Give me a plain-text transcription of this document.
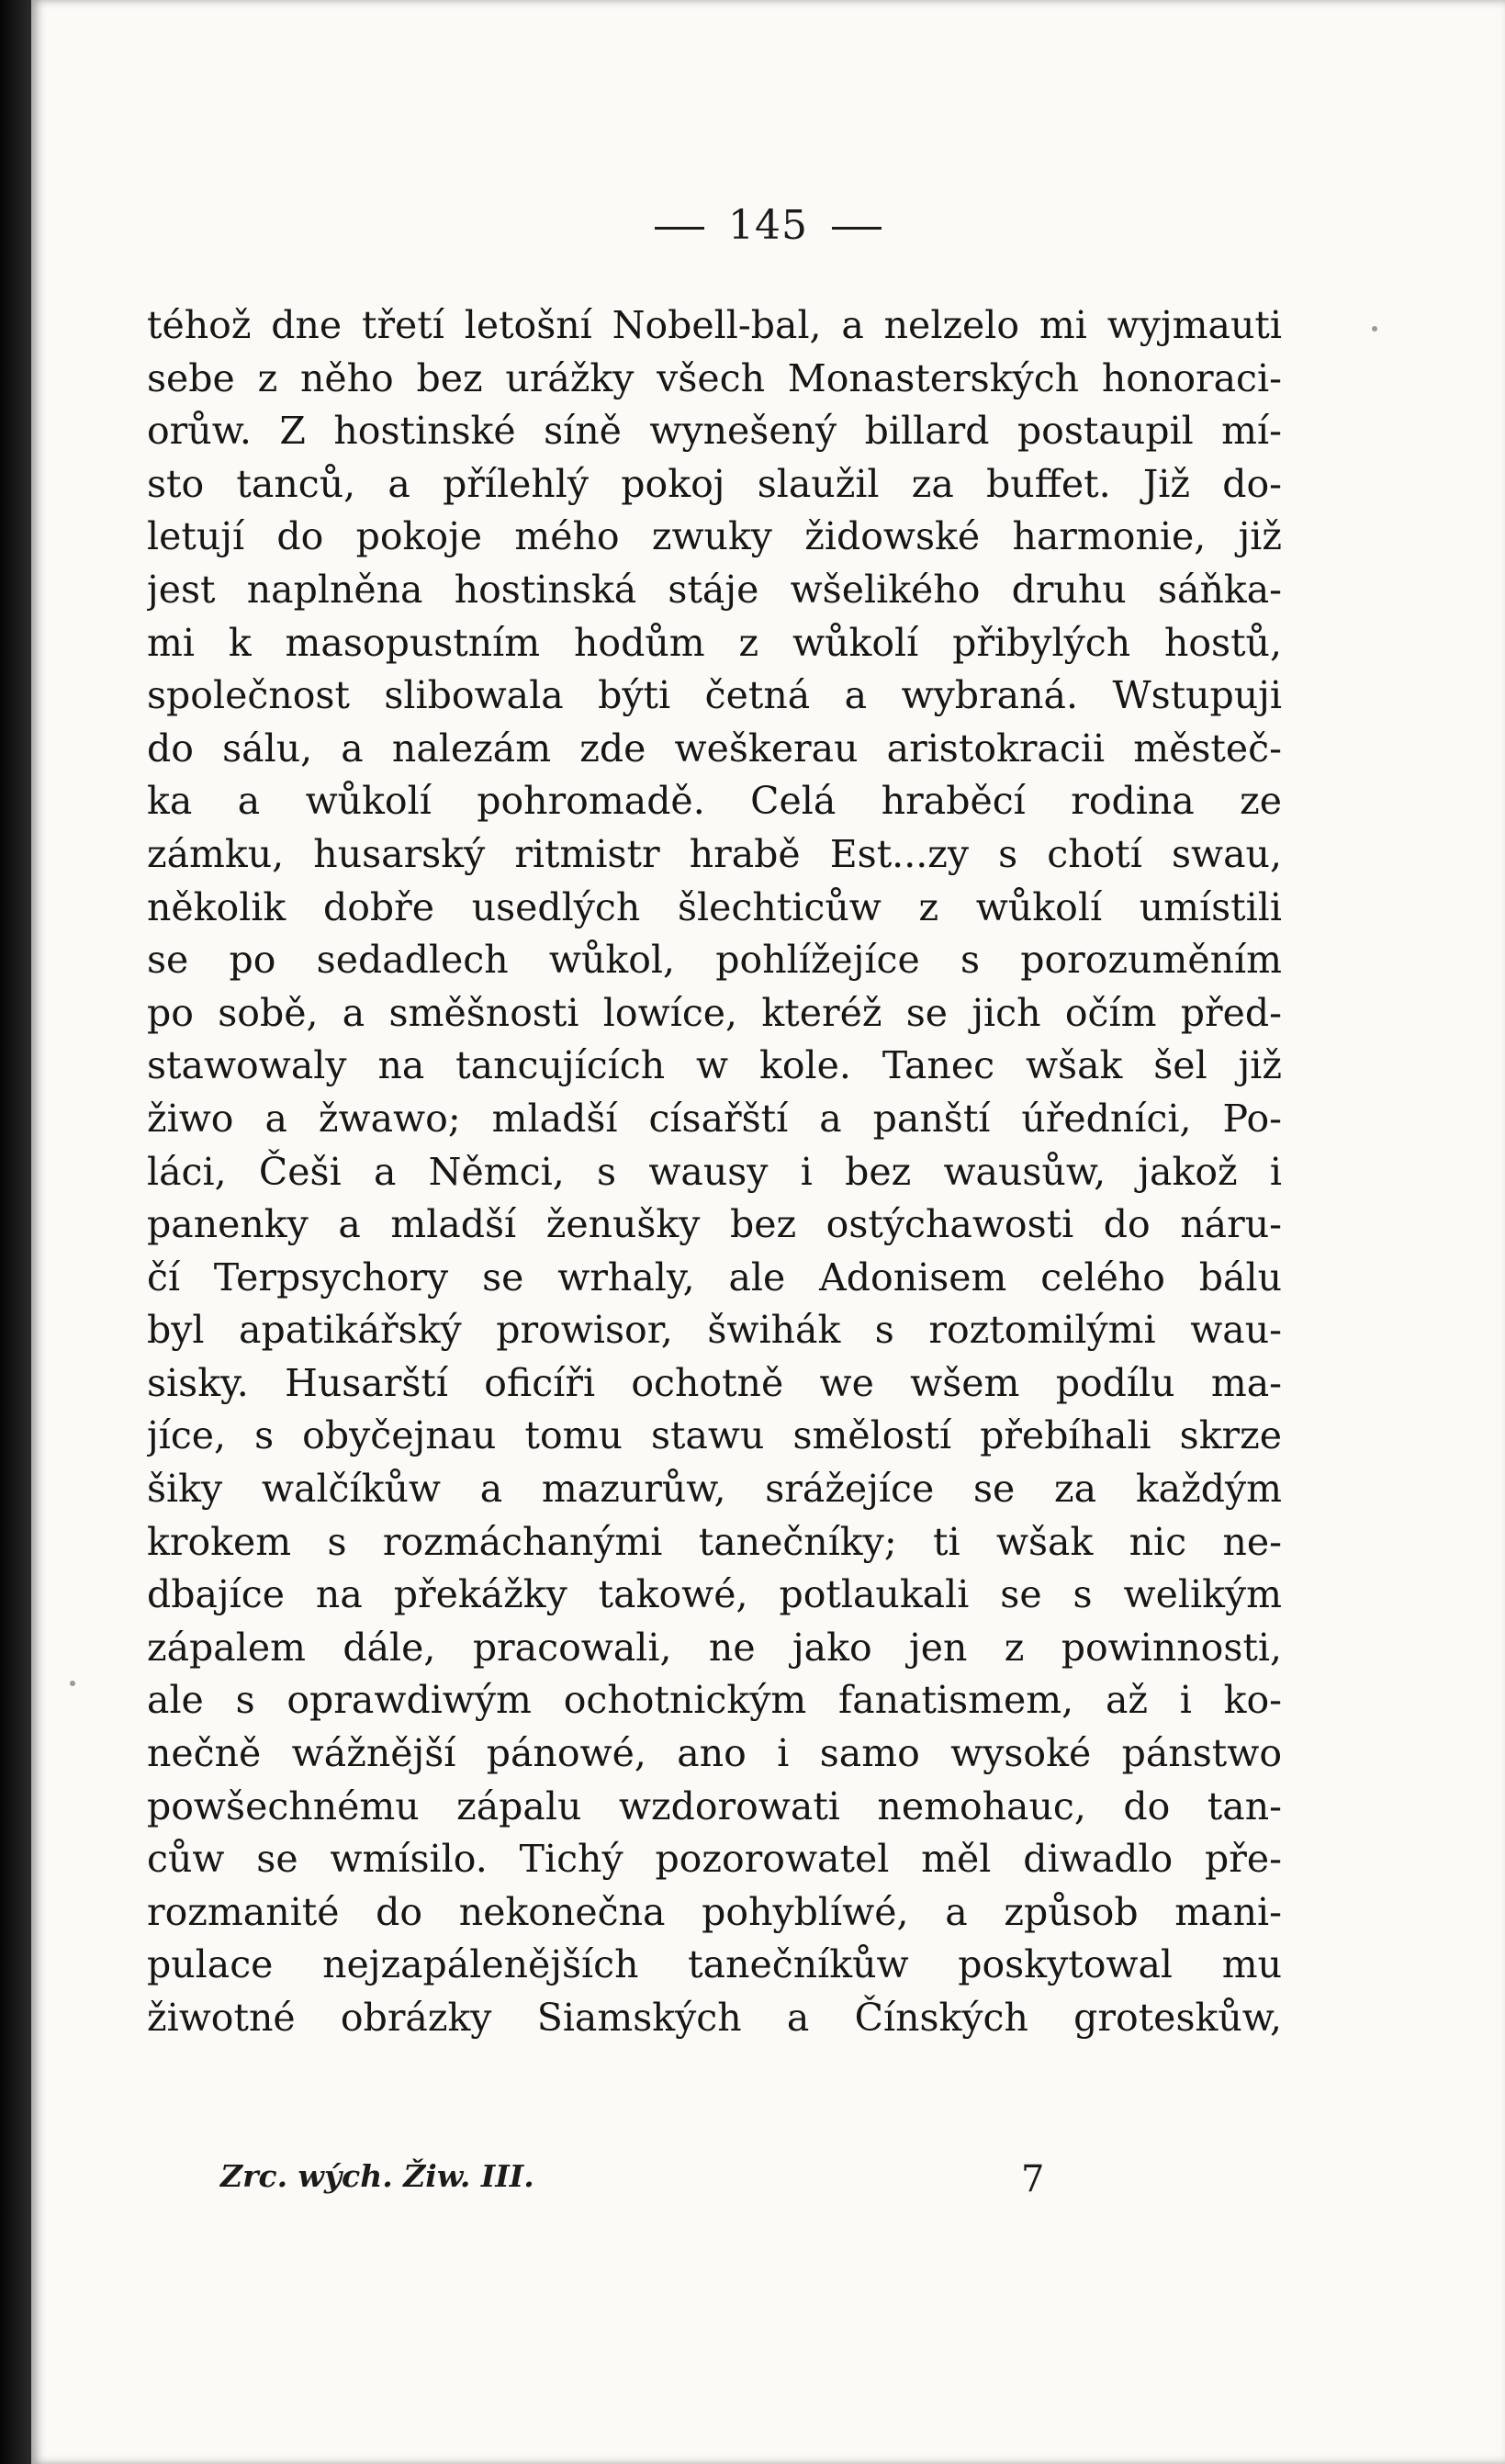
145
téhož dne třetí letošní Nobell-bal, a nelzelo mi wyjmauti
sebe z něho bez urážky všech Monasterských honoraci-
orůw. Z hostinské síně wynešený billard postaupil mí-
sto tanců, a přílehlý pokoj slaužil za buffet. Již do-
letují do pokoje mého zwuky židowské harmonie, již
jest naplněna hostinská stáje wšelikého druhu sáňka-
mi k masopustním hodům z wůkolí přibylých hostů,
společnost slibowala býti četná a wybraná. Wstupuji
do sálu, a nalezám zde weškerau aristokracii městeč-
ka a wůkolí pohromadě. Celá hraběcí rodina ze
zámku, husarský ritmistr hrabě Est...zy s chotí swau,
několik dobře usedlých šlechticůw z wůkolí umístili
se po sedadlech wůkol, pohlížejíce s porozuměním
po sobě, a směšnosti lowíce, kteréž se jich očím před-
stawowaly na tancujících w kole. Tanec wšak šel již
žiwo a žwawo; mladší císařští a panští úředníci, Po-
láci, Češi a Němci, s wausy i bez wausůw, jakož i
panenky a mladší ženušky bez ostýchawosti do náru-
čí Terpsychory se wrhaly, ale Adonisem celého bálu
byl apatikářský prowisor, šwihák s roztomilými wau-
sisky. Husarští oficíři ochotně we wšem podílu ma-
jíce, s obyčejnau tomu stawu smělostí přebíhali skrze
šiky walčíkůw a mazurůw, srážejíce se za každým
krokem s rozmáchanými tanečníky; ti wšak nic ne-
dbajíce na překážky takowé, potlaukali se s welikým
zápalem dále, pracowali, ne jako jen z powinnosti,
ale s oprawdiwým ochotnickým fanatismem, až i ko-
nečně wážnější pánowé, ano i samo wysoké pánstwo
powšechnému zápalu wzdorowati nemohauc, do tan-
cůw se wmísilo. Tichý pozorowatel měl diwadlo pře-
rozmanité do nekonečna pohyblíwé, a způsob mani-
pulace nejzapálenějších tanečníkůw poskytowal mu
žiwotné obrázky Siamských a Čínských groteskůw,
Zrc. wých. Žiw. III.	7
